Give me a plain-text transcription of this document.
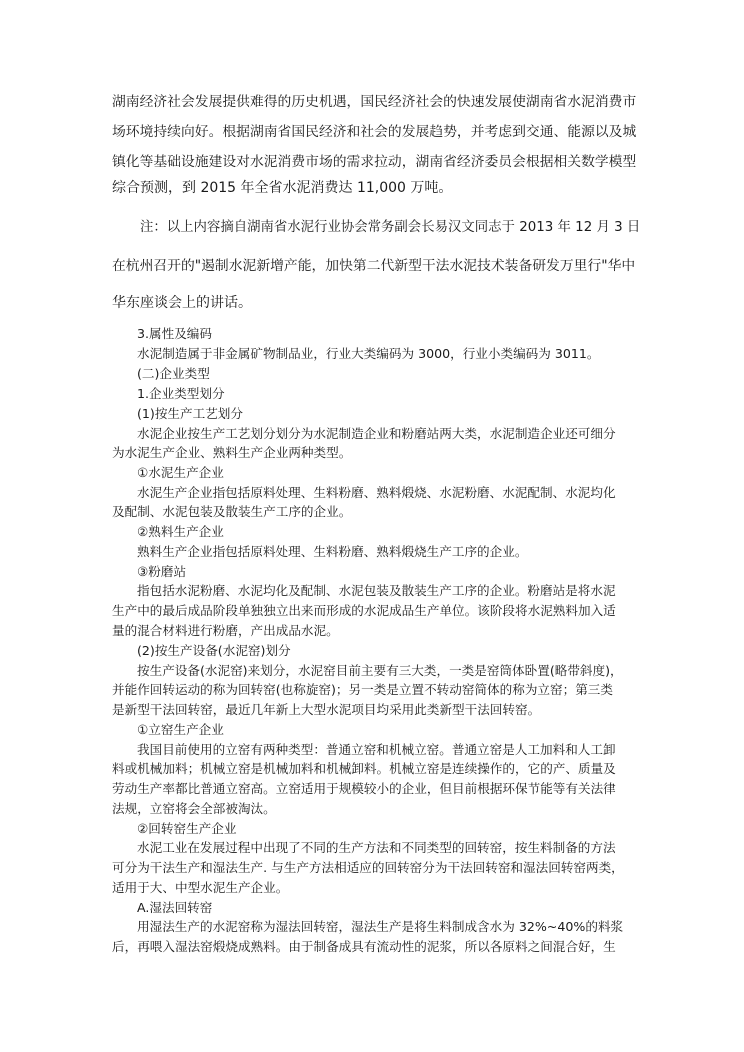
湖南经济社会发展提供难得的历史机遇，国民经济社会的快速发展使湖南省水泥消费市

场环境持续向好。根据湖南省国民经济和社会的发展趋势，并考虑到交通、能源以及城

镇化等基础设施建设对水泥消费市场的需求拉动，湖南省经济委员会根据相关数学模型

综合预测，到 2015 年全省水泥消费达 11,000 万吨。

注：以上内容摘自湖南省水泥行业协会常务副会长易汉文同志于 2013 年 12 月 3 日

在杭州召开的"遏制水泥新增产能，加快第二代新型干法水泥技术装备研发万里行"华中

华东座谈会上的讲话。

3.属性及编码

水泥制造属于非金属矿物制品业，行业大类编码为 3000，行业小类编码为 3011。

(二)企业类型

1.企业类型划分

(1)按生产工艺划分

水泥企业按生产工艺划分划分为水泥制造企业和粉磨站两大类，水泥制造企业还可细分

为水泥生产企业、熟料生产企业两种类型。

①水泥生产企业

水泥生产企业指包括原料处理、生料粉磨、熟料煅烧、水泥粉磨、水泥配制、水泥均化

及配制、水泥包装及散装生产工序的企业。

②熟料生产企业

熟料生产企业指包括原料处理、生料粉磨、熟料煅烧生产工序的企业。

③粉磨站

指包括水泥粉磨、水泥均化及配制、水泥包装及散装生产工序的企业。粉磨站是将水泥

生产中的最后成品阶段单独独立出来而形成的水泥成品生产单位。该阶段将水泥熟料加入适

量的混合材料进行粉磨，产出成品水泥。

(2)按生产设备(水泥窑)划分

按生产设备(水泥窑)来划分，水泥窑目前主要有三大类，一类是窑筒体卧置(略带斜度)，

并能作回转运动的称为回转窑(也称旋窑)；另一类是立置不转动窑简体的称为立窑；第三类

是新型干法回转窑，最近几年新上大型水泥项目均采用此类新型干法回转窑。

①立窑生产企业

我国目前使用的立窑有两种类型：普通立窑和机械立窑。普通立窑是人工加料和人工卸

料或机械加料；机械立窑是机械加料和机械卸料。机械立窑是连续操作的，它的产、质量及

劳动生产率都比普通立窑高。立窑适用于规模较小的企业，但目前根据环保节能等有关法律

法规，立窑将会全部被淘汰。

②回转窑生产企业

水泥工业在发展过程中出现了不同的生产方法和不同类型的回转窑，按生料制备的方法

可分为干法生产和湿法生产. 与生产方法相适应的回转窑分为干法回转窑和湿法回转窑两类，

适用于大、中型水泥生产企业。

A.湿法回转窑

用湿法生产的水泥窑称为湿法回转窑，湿法生产是将生料制成含水为 32%~40%的料浆

后，再喂入湿法窑煅烧成熟料。由于制备成具有流动性的泥浆，所以各原料之间混合好，生
